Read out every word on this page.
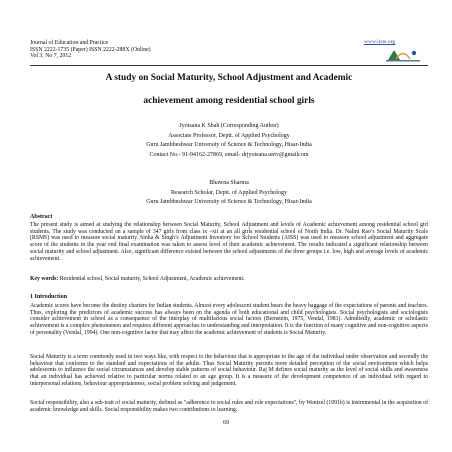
Journal of Education and Practice
ISSN 2222-1735 (Paper) ISSN 2222-288X (Online)
Vol 3, No 7, 2012
www.iiste.org
A study on Social Maturity, School Adjustment and Academic
achievement among residential school girls
Jyotsana K Shah (Corresponding Author)
Associate Professor, Deptt. of Applied Psychology
Guru Jambheshwar University of Science & Technology, Hisar-India
Contact No.- 91-94162-27869, email- drjyotsana.univ@gmailcom
Bhawna Sharma
Research Scholar, Deptt. of Applied Psychology
Guru Jambheshwar University of Science & Technology, Hisar-India
Abstract
The present study is aimed at studying the relationship between Social Maturity, School Adjustment and levels of Academic achievement among residential school girl students. The study was conducted on a sample of 347 girls from class ix –xii at an all girls residential school of North India. Dr. Nalini Rao’s Social Maturity Scale (RSMS) was used to measure social maturity. Sinha & Singh’s Adjustment Inventory for School Students (AISS) was used to measure school adjustment and aggregate score of the students in the year end final examination was taken to assess level of their academic achievement. The results indicated a significant relationship between social maturity and school adjustment. Also, significant difference existed between the school adjustments of the three groups i.e. low, high and average levels of academic achievement.
Key words: Residential school, Social maturity, School Adjustment, Academic achievement.
1 Introduction
Academic scores have become the destiny charters for Indian students. Almost every adolescent student bears the heavy baggage of the expectations of parents and teachers. Thus, exploring the predictors of academic success has always been on the agenda of both educational and child psychologists. Social psychologists and sociologists consider achievement in school as a consequence of the interplay of multifarious social factors (Bernstein, 1975, Vendal, 1981). Admittedly, academic or scholastic achievement is a complex phenomenon and requires different approaches to understanding and interpretation. It is the function of many cognitive and non-cognitive aspects of personality (Vendal, 1994). One non-cognitive factor that may affect the academic achievement of students is Social Maturity.
Social Maturity is a term commonly used in two ways like, with respect to the behaviour that is appropriate to the age of the individual under observation and secondly the behaviour that conforms to the standard and expectations of the adults. Thus Social Maturity permits more detailed perception of the social environment which helps adolescents to influence the social circumstances and develop stable patterns of social behaviour. Raj M defines social maturity as the level of social skills and awareness that an individual has achieved relative to particular norms related to an age group. It is a measure of the development competence of an individual with regard to interpersonal relations, behaviour appropriateness, social problem solving and judgement.
Social responsibility, also a sub-trait of social maturity, defined as "adherence to social rules and role expectations", by Wentzel (1991b) is instrumental in the acquisition of academic knowledge and skills. Social responsibility makes two contributions to learning.
69
